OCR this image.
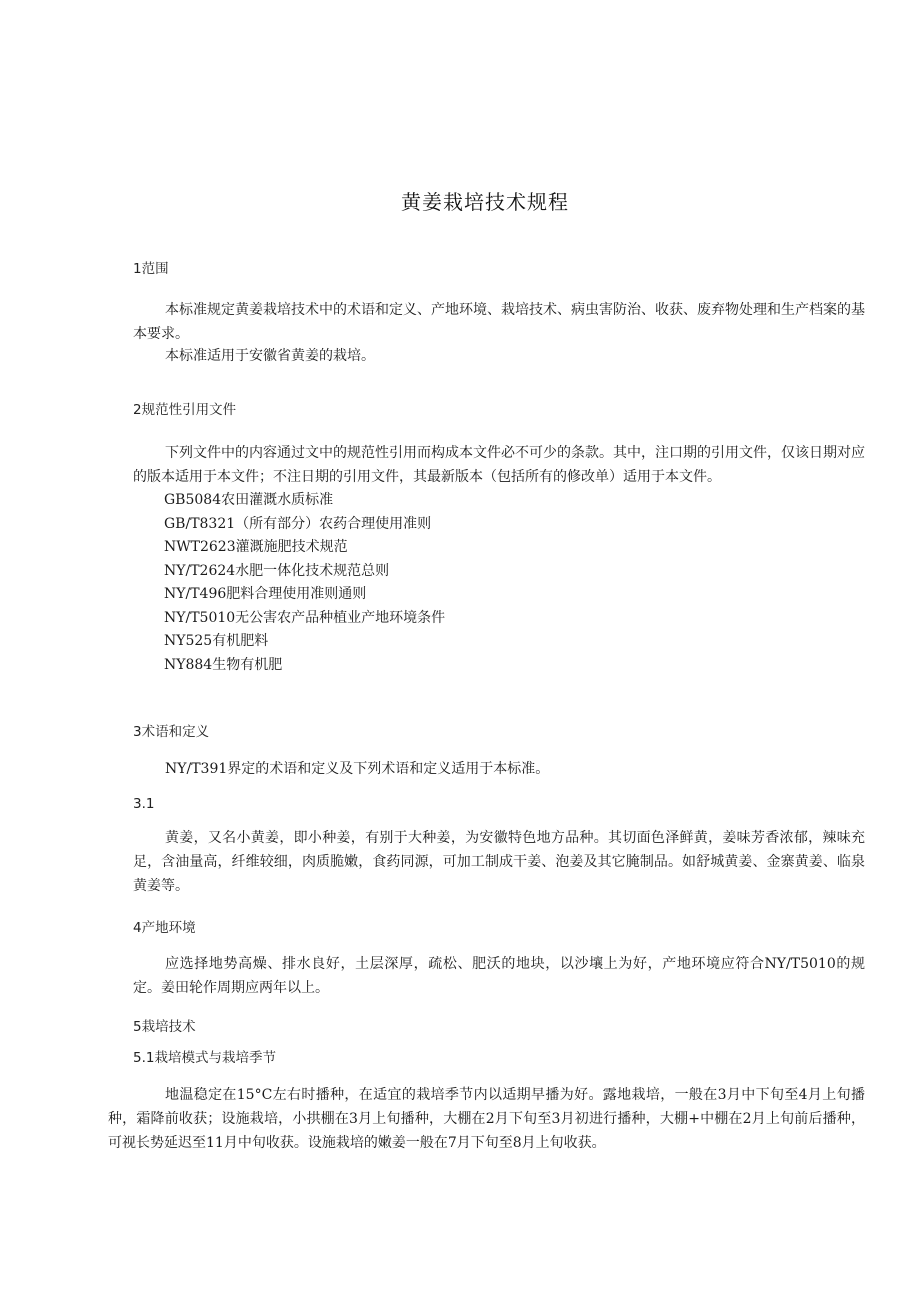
黄姜栽培技术规程
1范围
本标准规定黄姜栽培技术中的术语和定义、产地环境、栽培技术、病虫害防治、收获、废弃物处理和生产档案的基本要求。
本标准适用于安徽省黄姜的栽培。
2规范性引用文件
下列文件中的内容通过文中的规范性引用而构成本文件必不可少的条款。其中，注口期的引用文件，仅该日期对应的版本适用于本文件；不注日期的引用文件，其最新版本（包括所有的修改单）适用于本文件。
GB5084农田灌溉水质标准
GB/T8321（所有部分）农药合理使用准则
NWT2623灌溉施肥技术规范
NY/T2624水肥一体化技术规范总则
NY/T496肥料合理使用准则通则
NY/T5010无公害农产品种植业产地环境条件
NY525有机肥料
NY884生物有机肥
3术语和定义
NY/T391界定的术语和定义及下列术语和定义适用于本标准。
3.1
黄姜，又名小黄姜，即小种姜，有别于大种姜，为安徽特色地方品种。其切面色泽鲜黄，姜味芳香浓郁，辣味充足，含油量高，纤维较细，肉质脆嫩，食药同源，可加工制成干姜、泡姜及其它腌制品。如舒城黄姜、金寨黄姜、临泉黄姜等。
4产地环境
应选择地势高燥、排水良好，土层深厚，疏松、肥沃的地块，以沙壤上为好，产地环境应符合NY/T5010的规定。姜田轮作周期应两年以上。
5栽培技术
5.1栽培模式与栽培季节
地温稳定在15°C左右时播种，在适宜的栽培季节内以适期早播为好。露地栽培，一般在3月中下旬至4月上旬播种，霜降前收获；设施栽培，小拱棚在3月上旬播种，大棚在2月下旬至3月初进行播种，大棚+中棚在2月上旬前后播种，可视长势延迟至11月中旬收获。设施栽培的嫩姜一般在7月下旬至8月上旬收获。
